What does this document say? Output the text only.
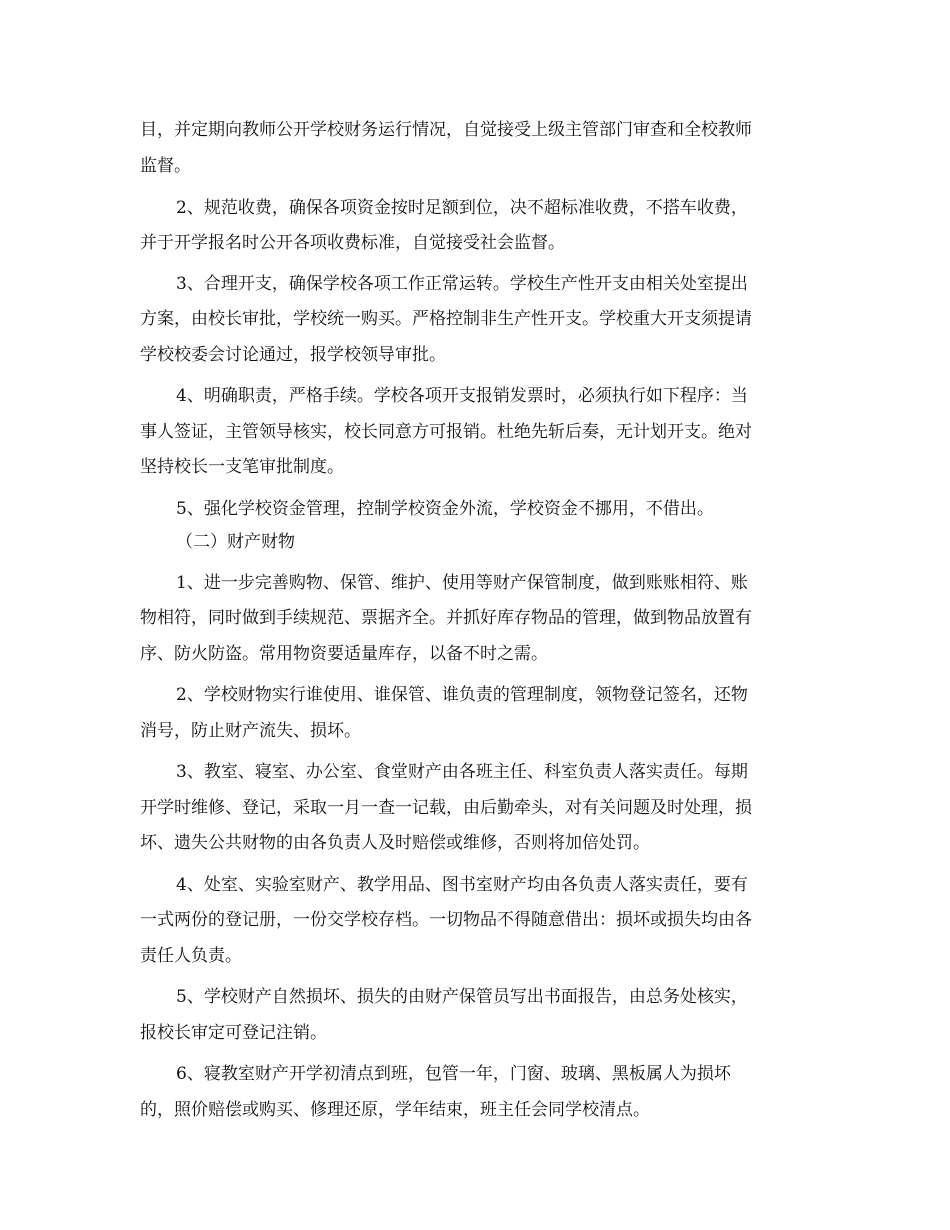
目，并定期向教师公开学校财务运行情况，自觉接受上级主管部门审查和全校教师

监督。

2、规范收费，确保各项资金按时足额到位，决不超标准收费，不搭车收费，

并于开学报名时公开各项收费标准，自觉接受社会监督。

3、合理开支，确保学校各项工作正常运转。学校生产性开支由相关处室提出

方案，由校长审批，学校统一购买。严格控制非生产性开支。学校重大开支须提请

学校校委会讨论通过，报学校领导审批。

4、明确职责，严格手续。学校各项开支报销发票时，必须执行如下程序：当

事人签证，主管领导核实，校长同意方可报销。杜绝先斩后奏，无计划开支。绝对

坚持校长一支笔审批制度。

5、强化学校资金管理，控制学校资金外流，学校资金不挪用，不借出。

（二）财产财物

1、进一步完善购物、保管、维护、使用等财产保管制度，做到账账相符、账

物相符，同时做到手续规范、票据齐全。并抓好库存物品的管理，做到物品放置有

序、防火防盗。常用物资要适量库存，以备不时之需。

2、学校财物实行谁使用、谁保管、谁负责的管理制度，领物登记签名，还物

消号，防止财产流失、损坏。

3、教室、寝室、办公室、食堂财产由各班主任、科室负责人落实责任。每期

开学时维修、登记，采取一月一查一记载，由后勤牵头，对有关问题及时处理，损

坏、遗失公共财物的由各负责人及时赔偿或维修，否则将加倍处罚。

4、处室、实验室财产、教学用品、图书室财产均由各负责人落实责任，要有

一式两份的登记册，一份交学校存档。一切物品不得随意借出：损坏或损失均由各

责任人负责。

5、学校财产自然损坏、损失的由财产保管员写出书面报告，由总务处核实，

报校长审定可登记注销。

6、寝教室财产开学初清点到班，包管一年，门窗、玻璃、黑板属人为损坏

的，照价赔偿或购买、修理还原，学年结束，班主任会同学校清点。
